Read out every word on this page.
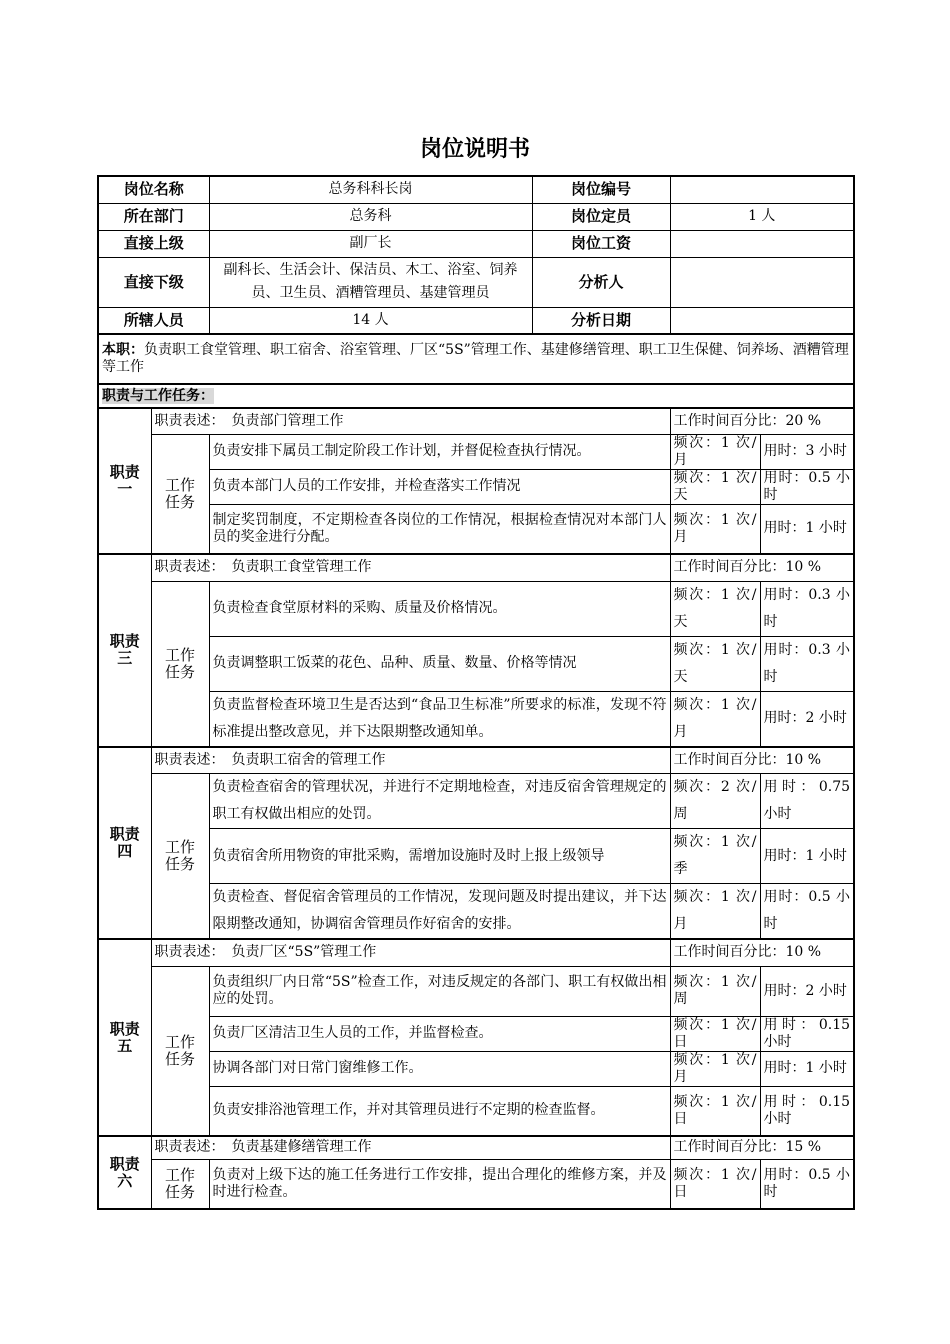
岗位说明书
岗位名称		总务科科长岗	岗位编号		
所在部门		总务科	岗位定员	1 人	
直接上级		副厂长	岗位工资		
直接下级		副科长、生活会计、保洁员、木工、浴室、饲养员、卫生员、酒糟管理员、基建管理员	分析人		
所辖人员		14 人	分析日期		
本职：负责职工食堂管理、职工宿舍、浴室管理、厂区“5S”管理工作、基建修缮管理、职工卫生保健、饲养场、酒糟管理等工作					
职责与工作任务：					
职责一	职责表述：　负责部门管理工作			工作时间百分比：20 %	
	工作任务	负责安排下属员工制定阶段工作计划，并督促检查执行情况。		频次：1 次/月	用时：3 小时
		负责本部门人员的工作安排，并检查落实工作情况		频次：1 次/天	用时：0.5 小时
		制定奖罚制度，不定期检查各岗位的工作情况，根据检查情况对本部门人员的奖金进行分配。		频次：1 次/月	用时：1 小时
职责三	职责表述：　负责职工食堂管理工作			工作时间百分比：10 %	
	工作任务	负责检查食堂原材料的采购、质量及价格情况。		频次：1 次/天	用时：0.3 小时
		负责调整职工饭菜的花色、品种、质量、数量、价格等情况		频次：1 次/天	用时：0.3 小时
		负责监督检查环境卫生是否达到“食品卫生标准”所要求的标准，发现不符标准提出整改意见，并下达限期整改通知单。		频次：1 次/月	用时：2 小时
职责四	职责表述：　负责职工宿舍的管理工作			工作时间百分比：10 %	
	工作任务	负责检查宿舍的管理状况，并进行不定期地检查，对违反宿舍管理规定的职工有权做出相应的处罚。		频次：2 次/周	用时：0.75 小时
		负责宿舍所用物资的审批采购，需增加设施时及时上报上级领导		频次：1 次/季	用时：1 小时
		负责检查、督促宿舍管理员的工作情况，发现问题及时提出建议，并下达限期整改通知，协调宿舍管理员作好宿舍的安排。		频次：1 次/月	用时：0.5 小时
职责五	职责表述：　负责厂区“5S”管理工作			工作时间百分比：10 %	
	工作任务	负责组织厂内日常“5S”检查工作，对违反规定的各部门、职工有权做出相应的处罚。		频次：1 次/周	用时：2 小时
		负责厂区清洁卫生人员的工作，并监督检查。		频次：1 次/日	用时：0.15 小时
		协调各部门对日常门窗维修工作。		频次：1 次/月	用时：1 小时
		负责安排浴池管理工作，并对其管理员进行不定期的检查监督。		频次：1 次/日	用时：0.15 小时
职责六	职责表述：　负责基建修缮管理工作			工作时间百分比：15 %	
	工作任务	负责对上级下达的施工任务进行工作安排，提出合理化的维修方案，并及时进行检查。		频次：1 次/日	用时：0.5 小时
